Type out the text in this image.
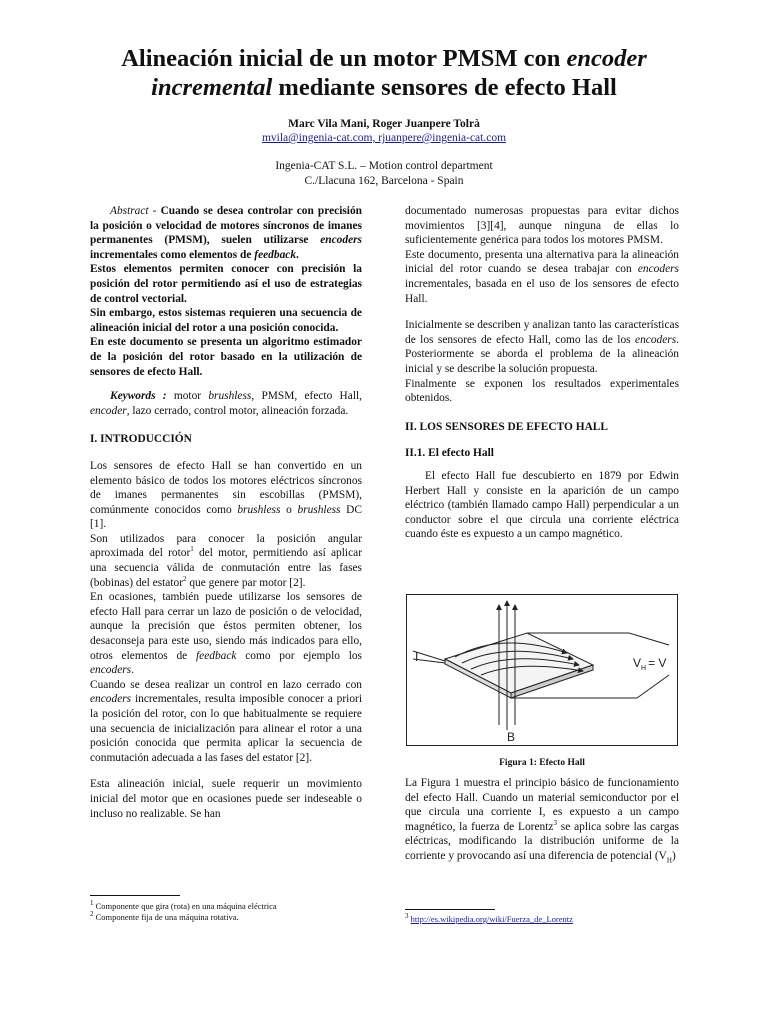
Alineación inicial de un motor PMSM con encoder
incremental mediante sensores de efecto Hall
Marc Vila Mani, Roger Juanpere Tolrà
mvila@ingenia-cat.com, rjuanpere@ingenia-cat.com
Ingenia-CAT S.L. – Motion control department
C./Llacuna 162, Barcelona - Spain

Abstract - Cuando se desea controlar con precisión la posición o velocidad de motores síncronos de imanes permanentes (PMSM), suelen utilizarse encoders incrementales como elementos de feedback.

Estos elementos permiten conocer con precisión la posición del rotor permitiendo así el uso de estrategias de control vectorial.

Sin embargo, estos sistemas requieren una secuencia de alineación inicial del rotor a una posición conocida.

En este documento se presenta un algoritmo estimador de la posición del rotor basado en la utilización de sensores de efecto Hall.

Keywords : motor brushless, PMSM, efecto Hall, encoder, lazo cerrado, control motor, alineación forzada.

I. INTRODUCCIÓN

Los sensores de efecto Hall se han convertido en un elemento básico de todos los motores eléctricos síncronos de imanes permanentes sin escobillas (PMSM), comúnmente conocidos como brushless o brushless DC [1].

Son utilizados para conocer la posición angular aproximada del rotor$^1$ del motor, permitiendo así aplicar una secuencia válida de conmutación entre las fases (bobinas) del estator$^2$ que genere par motor [2].

En ocasiones, también puede utilizarse los sensores de efecto Hall para cerrar un lazo de posición o de velocidad, aunque la precisión que éstos permiten obtener, los desaconseja para este uso, siendo más indicados para ello, otros elementos de feedback como por ejemplo los encoders.

Cuando se desea realizar un control en lazo cerrado con encoders incrementales, resulta imposible conocer a priori la posición del rotor, con lo que habitualmente se requiere una secuencia de inicialización para alinear el rotor a una posición conocida que permita aplicar la secuencia de conmutación adecuada a las fases del estator [2].

Esta alineación inicial, suele requerir un movimiento inicial del motor que en ocasiones puede ser indeseable o incluso no realizable. Se han

documentado numerosas propuestas para evitar dichos movimientos [3][4], aunque ninguna de ellas lo suficientemente genérica para todos los motores PMSM.

Este documento, presenta una alternativa para la alineación inicial del rotor cuando se desea trabajar con encoders incrementales, basada en el uso de los sensores de efecto Hall.

Inicialmente se describen y analizan tanto las características de los sensores de efecto Hall, como las de los encoders. Posteriormente se aborda el problema de la alineación inicial y se describe la solución propuesta.

Finalmente se exponen los resultados experimentales obtenidos.

II. LOS SENSORES DE EFECTO HALL
II.1. El efecto Hall

El efecto Hall fue descubierto en 1879 por Edwin Herbert Hall y consiste en la aparición de un campo eléctrico (también llamado campo Hall) perpendicular a un conductor sobre el que circula una corriente eléctrica cuando éste es expuesto a un campo magnético.

I
B
$V_H = V$
Figura 1: Efecto Hall

La Figura 1 muestra el principio básico de funcionamiento del efecto Hall. Cuando un material semiconductor por el que circula una corriente I, es expuesto a un campo magnético, la fuerza de Lorentz$^3$ se aplica sobre las cargas eléctricas, modificando la distribución uniforme de la corriente y provocando así una diferencia de potencial $(V_H)$

$^1$ Componente que gira (rota) en una máquina eléctrica
$^2$ Componente fija de una máquina rotativa.	$^3$ http://es.wikipedia.org/wiki/Fuerza_de_Lorentz
